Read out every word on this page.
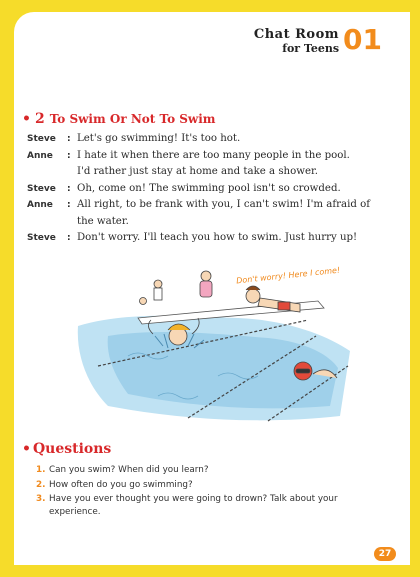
Chat Room
for Teens 01
• 2 To Swim Or Not To Swim
Steve	: Let's go swimming! It's too hot.
Anne	: I hate it when there are too many people in the pool.
I'd rather just stay at home and take a shower.
Steve	: Oh, come on! The swimming pool isn't so crowded.
Anne	: All right, to be frank with you, I can't swim! I'm afraid of
the water.
Steve	: Don't worry. I'll teach you how to swim. Just hurry up!
Don't worry! Here I come!
• Questions
1. Can you swim? When did you learn?
2. How often do you go swimming?
3. Have you ever thought you were going to drown? Talk about your
experience.
27
